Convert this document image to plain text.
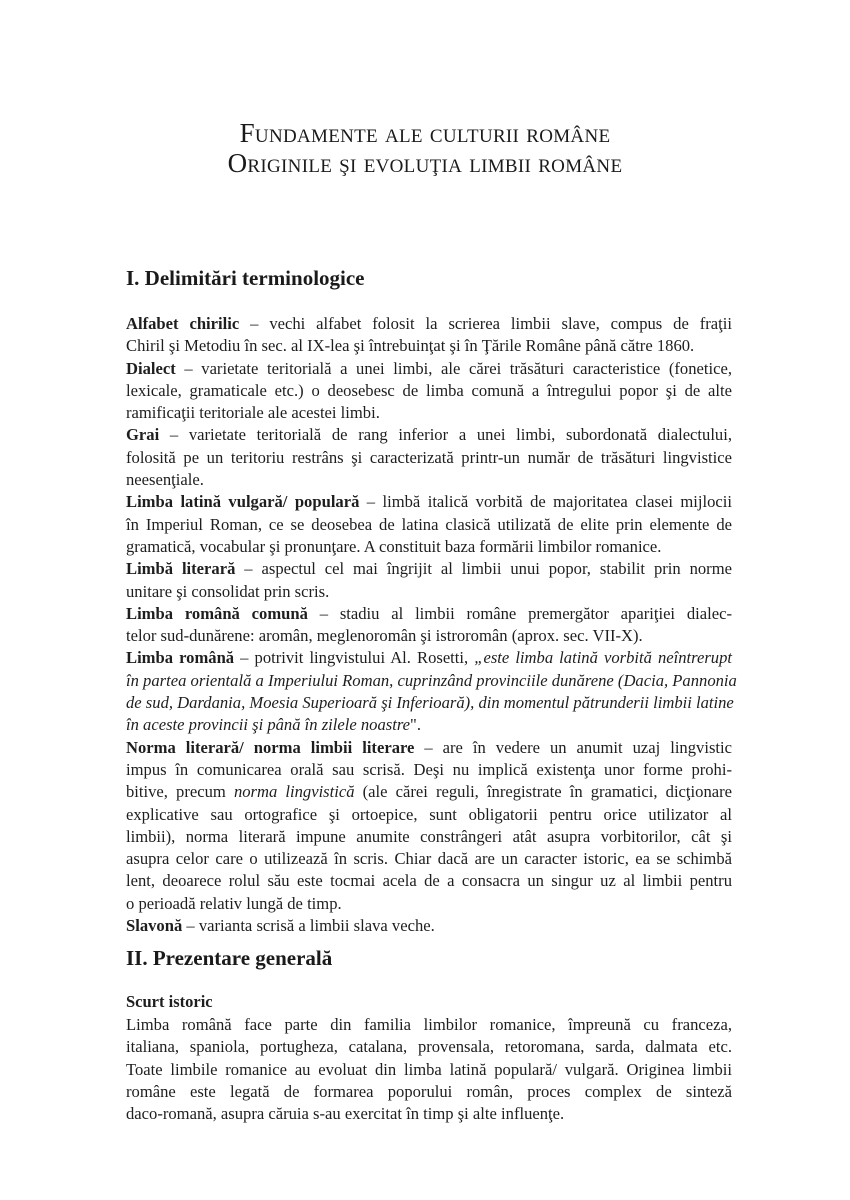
Fundamente ale culturii române
Originile şi evoluţia limbii române
I. Delimitări terminologice
Alfabet chirilic – vechi alfabet folosit la scrierea limbii slave, compus de fraţii
Chiril şi Metodiu în sec. al IX-lea şi întrebuinţat şi în Ţările Române până către 1860.
Dialect – varietate teritorială a unei limbi, ale cărei trăsături caracteristice (fonetice,
lexicale, gramaticale etc.) o deosebesc de limba comună a întregului popor şi de alte
ramificaţii teritoriale ale acestei limbi.
Grai – varietate teritorială de rang inferior a unei limbi, subordonată dialectului,
folosită pe un teritoriu restrâns şi caracterizată printr-un număr de trăsături lingvistice
neesenţiale.
Limba latină vulgară/ populară – limbă italică vorbită de majoritatea clasei mijlocii
în Imperiul Roman, ce se deosebea de latina clasică utilizată de elite prin elemente de
gramatică, vocabular şi pronunţare. A constituit baza formării limbilor romanice.
Limbă literară – aspectul cel mai îngrijit al limbii unui popor, stabilit prin norme
unitare şi consolidat prin scris.
Limba română comună – stadiu al limbii române premergător apariţiei dialec-
telor sud-dunărene: aromân, meglenoromân şi istroromân (aprox. sec. VII-X).
Limba română – potrivit lingvistului Al. Rosetti, „este limba latină vorbită neîntrerupt
în partea orientală a Imperiului Roman, cuprinzând provinciile dunărene (Dacia, Pannonia
de sud, Dardania, Moesia Superioară şi Inferioară), din momentul pătrunderii limbii latine
în aceste provincii şi până în zilele noastre".
Norma literară/ norma limbii literare – are în vedere un anumit uzaj lingvistic
impus în comunicarea orală sau scrisă. Deşi nu implică existenţa unor forme prohi-
bitive, precum norma lingvistică (ale cărei reguli, înregistrate în gramatici, dicţionare
explicative sau ortografice şi ortoepice, sunt obligatorii pentru orice utilizator al
limbii), norma literară impune anumite constrângeri atât asupra vorbitorilor, cât şi
asupra celor care o utilizează în scris. Chiar dacă are un caracter istoric, ea se schimbă
lent, deoarece rolul său este tocmai acela de a consacra un singur uz al limbii pentru
o perioadă relativ lungă de timp.
Slavonă – varianta scrisă a limbii slava veche.
II. Prezentare generală
Scurt istoric
Limba română face parte din familia limbilor romanice, împreună cu franceza,
italiana, spaniola, portugheza, catalana, provensala, retoromana, sarda, dalmata etc.
Toate limbile romanice au evoluat din limba latină populară/ vulgară. Originea limbii
române este legată de formarea poporului român, proces complex de sinteză
daco-romană, asupra căruia s-au exercitat în timp şi alte influenţe.
